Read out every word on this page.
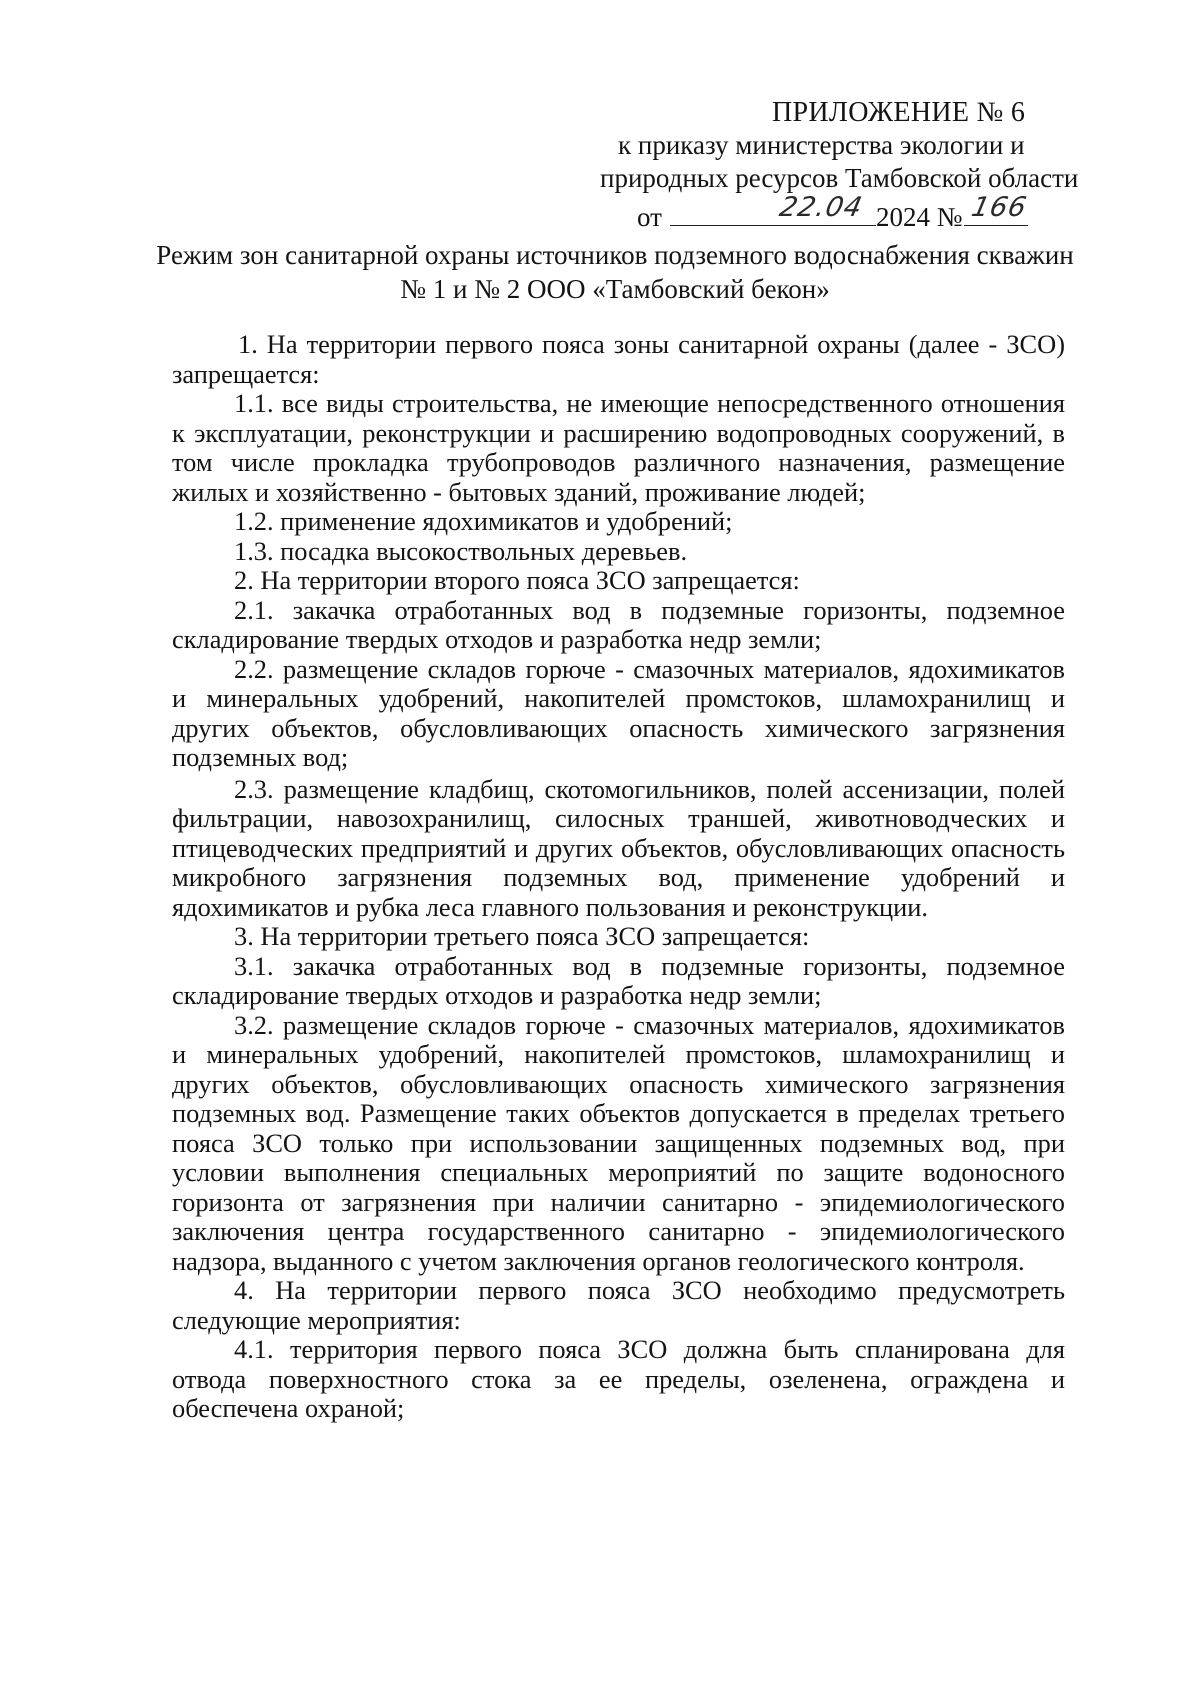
ПРИЛОЖЕНИЕ № 6
к приказу министерства экологии и
природных ресурсов Тамбовской области
от	22.04 2024 № 166
Режим зон санитарной охраны источников подземного водоснабжения скважин
№ 1 и № 2 ООО «Тамбовский бекон»

1. На территории первого пояса зоны санитарной охраны (далее - ЗСО) запрещается:

1.1. все виды строительства, не имеющие непосредственного отношения к эксплуатации, реконструкции и расширению водопроводных сооружений, в том числе прокладка трубопроводов различного назначения, размещение жилых и хозяйственно - бытовых зданий, проживание людей;

1.2. применение ядохимикатов и удобрений;

1.3. посадка высокоствольных деревьев.

2. На территории второго пояса ЗСО запрещается:

2.1. закачка отработанных вод в подземные горизонты, подземное складирование твердых отходов и разработка недр земли;

2.2. размещение складов горюче - смазочных материалов, ядохимикатов и минеральных удобрений, накопителей промстоков, шламохранилищ и других объектов, обусловливающих опасность химического загрязнения подземных вод;

2.3. размещение кладбищ, скотомогильников, полей ассенизации, полей фильтрации, навозохранилищ, силосных траншей, животноводческих и птицеводческих предприятий и других объектов, обусловливающих опасность микробного загрязнения подземных вод, применение удобрений и ядохимикатов и рубка леса главного пользования и реконструкции.

3. На территории третьего пояса ЗСО запрещается:

3.1. закачка отработанных вод в подземные горизонты, подземное складирование твердых отходов и разработка недр земли;

3.2. размещение складов горюче - смазочных материалов, ядохимикатов и минеральных удобрений, накопителей промстоков, шламохранилищ и других объектов, обусловливающих опасность химического загрязнения подземных вод. Размещение таких объектов допускается в пределах третьего пояса ЗСО только при использовании защищенных подземных вод, при условии выполнения специальных мероприятий по защите водоносного горизонта от загрязнения при наличии санитарно - эпидемиологического заключения центра государственного санитарно - эпидемиологического надзора, выданного с учетом заключения органов геологического контроля.

4. На территории первого пояса ЗСО необходимо предусмотреть следующие мероприятия:

4.1. территория первого пояса ЗСО должна быть спланирована для отвода поверхностного стока за ее пределы, озеленена, ограждена и обеспечена охраной;
